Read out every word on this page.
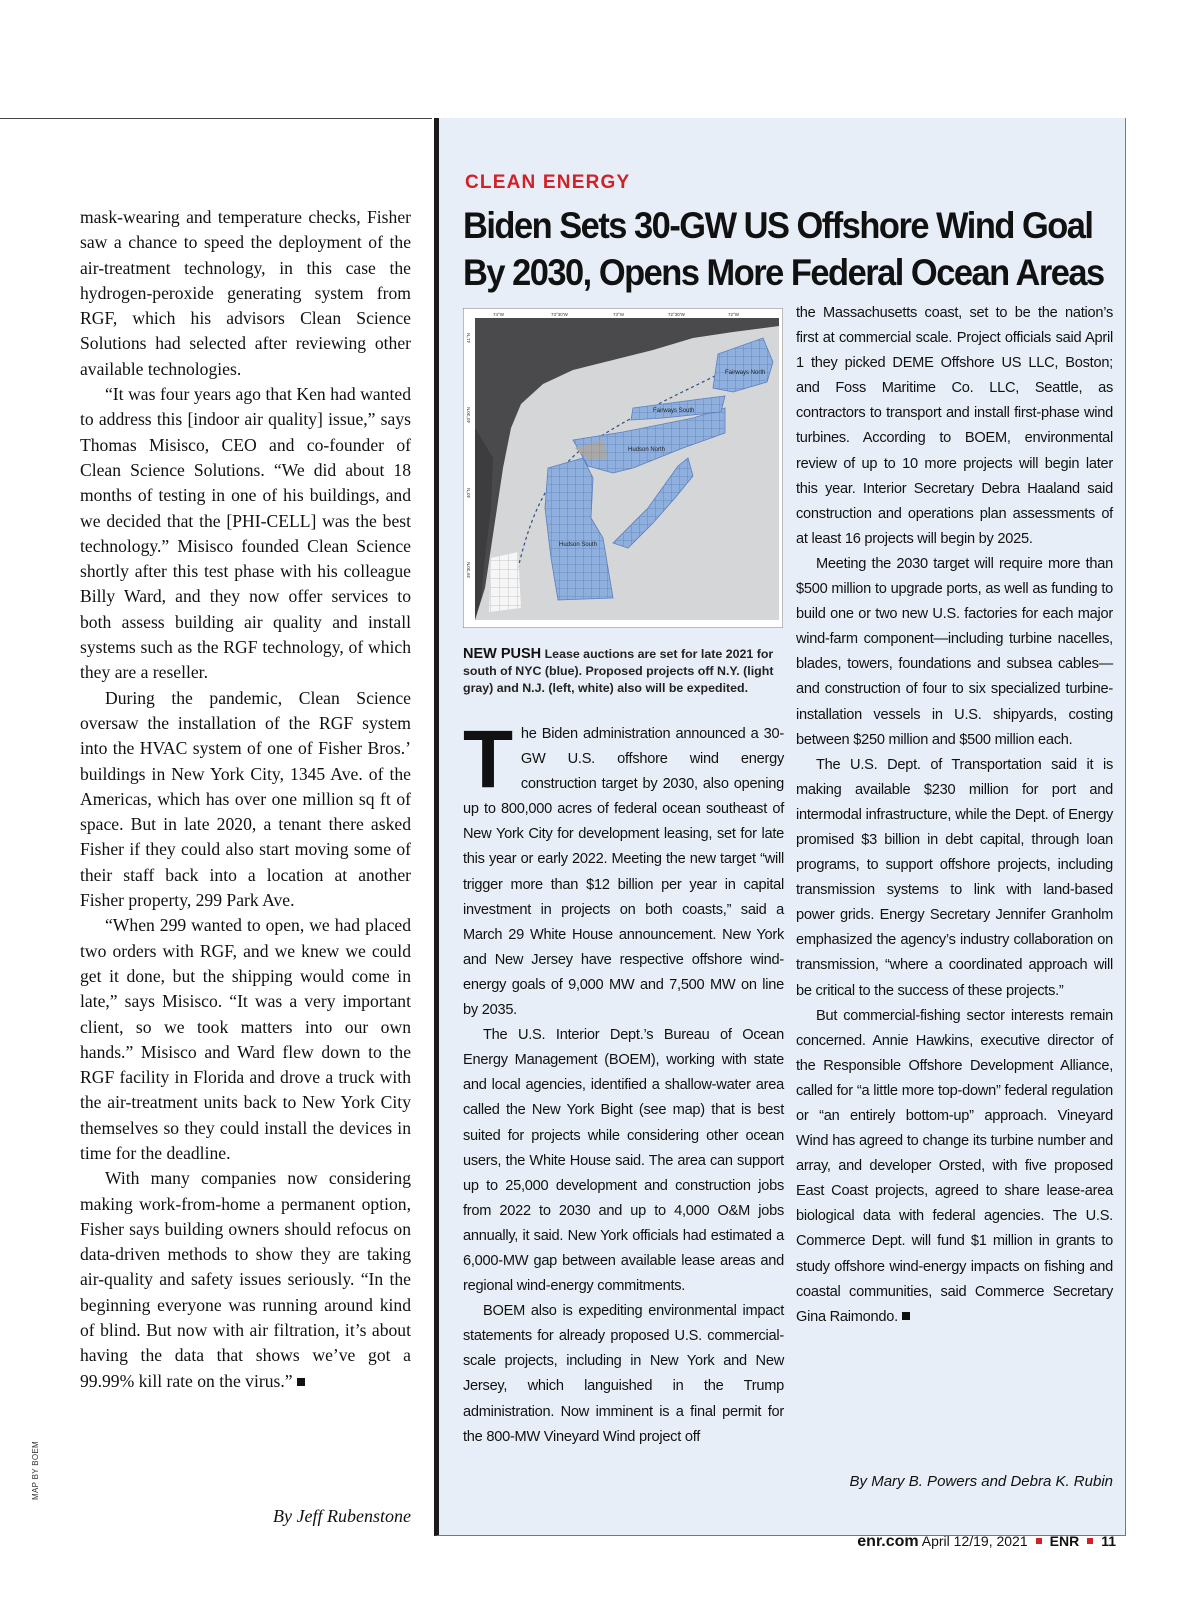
mask-wearing and temperature checks, Fisher saw a chance to speed the deployment of the air-treatment technology, in this case the hydrogen-peroxide generating system from RGF, which his advisors Clean Science Solutions had selected after reviewing other available technologies.

“It was four years ago that Ken had wanted to address this [indoor air quality] issue,” says Thomas Misisco, CEO and co-founder of Clean Science Solutions. “We did about 18 months of testing in one of his buildings, and we decided that the [PHI-CELL] was the best technology.” Misisco founded Clean Science shortly after this test phase with his colleague Billy Ward, and they now offer services to both assess building air quality and install systems such as the RGF technology, of which they are a reseller.

During the pandemic, Clean Science oversaw the installation of the RGF system into the HVAC system of one of Fisher Bros.’ buildings in New York City, 1345 Ave. of the Americas, which has over one million sq ft of space. But in late 2020, a tenant there asked Fisher if they could also start moving some of their staff back into a location at another Fisher property, 299 Park Ave.

“When 299 wanted to open, we had placed two orders with RGF, and we knew we could get it done, but the shipping would come in late,” says Misisco. “It was a very important client, so we took matters into our own hands.” Misisco and Ward flew down to the RGF facility in Florida and drove a truck with the air-treatment units back to New York City themselves so they could install the devices in time for the deadline.

With many companies now considering making work-from-home a permanent option, Fisher says building owners should refocus on data-driven methods to show they are taking air-quality and safety issues seriously. “In the beginning everyone was running around kind of blind. But now with air filtration, it’s about having the data that shows we’ve got a 99.99% kill rate on the virus.”

By Jeff Rubenstone
MAP BY BOEM
CLEAN ENERGY
Biden Sets 30-GW US Offshore Wind Goal
By 2030, Opens More Federal Ocean Areas
Fairways North
Fairways South
Hudson North
Hudson South
74°W	73°30'W	73°W	72°30'W	72°W
41°N
40°30'N
40°N
39°30'N
NEW PUSH Lease auctions are set for late 2021 for south of NYC (blue). Proposed projects off N.Y. (light gray) and N.J. (left, white) also will be expedited.

The Biden administration announced a 30-GW U.S. offshore wind energy construction target by 2030, also opening up to 800,000 acres of federal ocean southeast of New York City for development leasing, set for late this year or early 2022. Meeting the new target “will trigger more than $12 billion per year in capital investment in projects on both coasts,” said a March 29 White House announcement. New York and New Jersey have respective offshore wind-energy goals of 9,000 MW and 7,500 MW on line by 2035.

The U.S. Interior Dept.’s Bureau of Ocean Energy Management (BOEM), working with state and local agencies, identified a shallow-water area called the New York Bight (see map) that is best suited for projects while considering other ocean users, the White House said. The area can support up to 25,000 development and construction jobs from 2022 to 2030 and up to 4,000 O&M jobs annually, it said. New York officials had estimated a 6,000-MW gap between available lease areas and regional wind-energy commitments.

BOEM also is expediting environmental impact statements for already proposed U.S. commercial-scale projects, including in New York and New Jersey, which languished in the Trump administration. Now imminent is a final permit for the 800-MW Vineyard Wind project off

the Massachusetts coast, set to be the nation’s first at commercial scale. Project officials said April 1 they picked DEME Offshore US LLC, Boston; and Foss Maritime Co. LLC, Seattle, as contractors to transport and install first-phase wind turbines. According to BOEM, environmental review of up to 10 more projects will begin later this year. Interior Secretary Debra Haaland said construction and operations plan assessments of at least 16 projects will begin by 2025.

Meeting the 2030 target will require more than $500 million to upgrade ports, as well as funding to build one or two new U.S. factories for each major wind-farm component—including turbine nacelles, blades, towers, foundations and subsea cables—and construction of four to six specialized turbine-installation vessels in U.S. shipyards, costing between $250 million and $500 million each.

The U.S. Dept. of Transportation said it is making available $230 million for port and intermodal infrastructure, while the Dept. of Energy promised $3 billion in debt capital, through loan programs, to support offshore projects, including transmission systems to link with land-based power grids. Energy Secretary Jennifer Granholm emphasized the agency’s industry collaboration on transmission, “where a coordinated approach will be critical to the success of these projects.”

But commercial-fishing sector interests remain concerned. Annie Hawkins, executive director of the Responsible Offshore Development Alliance, called for “a little more top-down” federal regulation or “an entirely bottom-up” approach. Vineyard Wind has agreed to change its turbine number and array, and developer Orsted, with five proposed East Coast projects, agreed to share lease-area biological data with federal agencies. The U.S. Commerce Dept. will fund $1 million in grants to study offshore wind-energy impacts on fishing and coastal communities, said Commerce Secretary Gina Raimondo.

By Mary B. Powers and Debra K. Rubin
enr.com April 12/19, 2021 ENR 11
